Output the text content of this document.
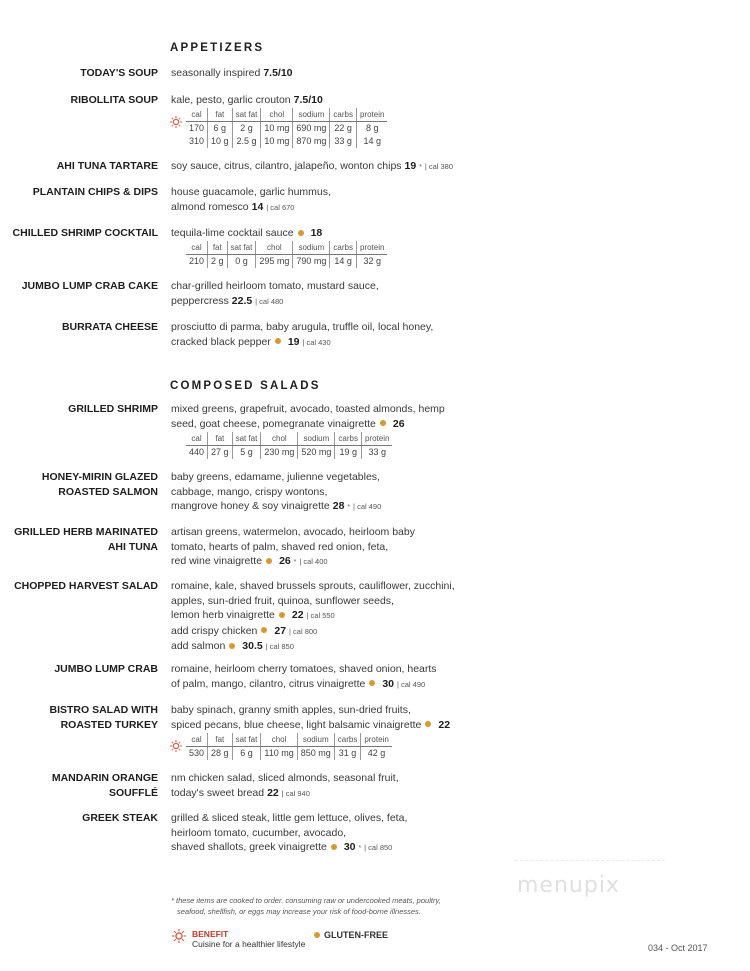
APPETIZERS
TODAY'S SOUP seasonally inspired 7.5/10
RIBOLLITA SOUP kale, pesto, garlic crouton 7.5/10
cal	fat	sat fat	chol	sodium	carbs	protein
170	6 g	2 g	10 mg	690 mg	22 g	8 g
310	10 g	2.5 g	10 mg	870 mg	33 g	14 g
AHI TUNA TARTARE soy sauce, citrus, cilantro, jalapeño, wonton chips 19 * | cal 380
PLANTAIN CHIPS & DIPS house guacamole, garlic hummus,
almond romesco 14 | cal 670
CHILLED SHRIMP COCKTAIL tequila-lime cocktail sauce 18
cal	fat	sat fat	chol	sodium	carbs	protein
210	2 g	0 g	295 mg	790 mg	14 g	32 g
JUMBO LUMP CRAB CAKE char-grilled heirloom tomato, mustard sauce,
peppercress 22.5 | cal 480
BURRATA CHEESE prosciutto di parma, baby arugula, truffle oil, local honey,
cracked black pepper 19 | cal 430
COMPOSED SALADS
GRILLED SHRIMP mixed greens, grapefruit, avocado, toasted almonds, hemp
seed, goat cheese, pomegranate vinaigrette 26
cal	fat	sat fat	chol	sodium	carbs	protein
440	27 g	5 g	230 mg	520 mg	19 g	33 g
HONEY-MIRIN GLAZED
ROASTED SALMON
baby greens, edamame, julienne vegetables,
cabbage, mango, crispy wontons,
mangrove honey & soy vinaigrette 28 * | cal 490
GRILLED HERB MARINATED
AHI TUNA
artisan greens, watermelon, avocado, heirloom baby
tomato, hearts of palm, shaved red onion, feta,
red wine vinaigrette 26 * | cal 400
CHOPPED HARVEST SALAD romaine, kale, shaved brussels sprouts, cauliflower, zucchini,
apples, sun-dried fruit, quinoa, sunflower seeds,
lemon herb vinaigrette 22 | cal 550
add crispy chicken 27 | cal 800
add salmon 30.5 | cal 850
JUMBO LUMP CRAB romaine, heirloom cherry tomatoes, shaved onion, hearts
of palm, mango, cilantro, citrus vinaigrette 30 | cal 490
BISTRO SALAD WITH
ROASTED TURKEY
baby spinach, granny smith apples, sun-dried fruits,
spiced pecans, blue cheese, light balsamic vinaigrette 22
cal	fat	sat fat	chol	sodium	carbs	protein
530	28 g	6 g	110 mg	850 mg	31 g	42 g
MANDARIN ORANGE
SOUFFLÉ
nm chicken salad, sliced almonds, seasonal fruit,
today's sweet bread 22 | cal 940
GREEK STEAK grilled & sliced steak, little gem lettuce, olives, feta,
heirloom tomato, cucumber, avocado,
shaved shallots, greek vinaigrette 30 * | cal 850
menupix
* these items are cooked to order. consuming raw or undercooked meats, poultry,
seafood, shellfish, or eggs may increase your risk of food-borne illnesses.
BENEFIT
Cuisine for a healthier lifestyle
GLUTEN-FREE
034 - Oct 2017
